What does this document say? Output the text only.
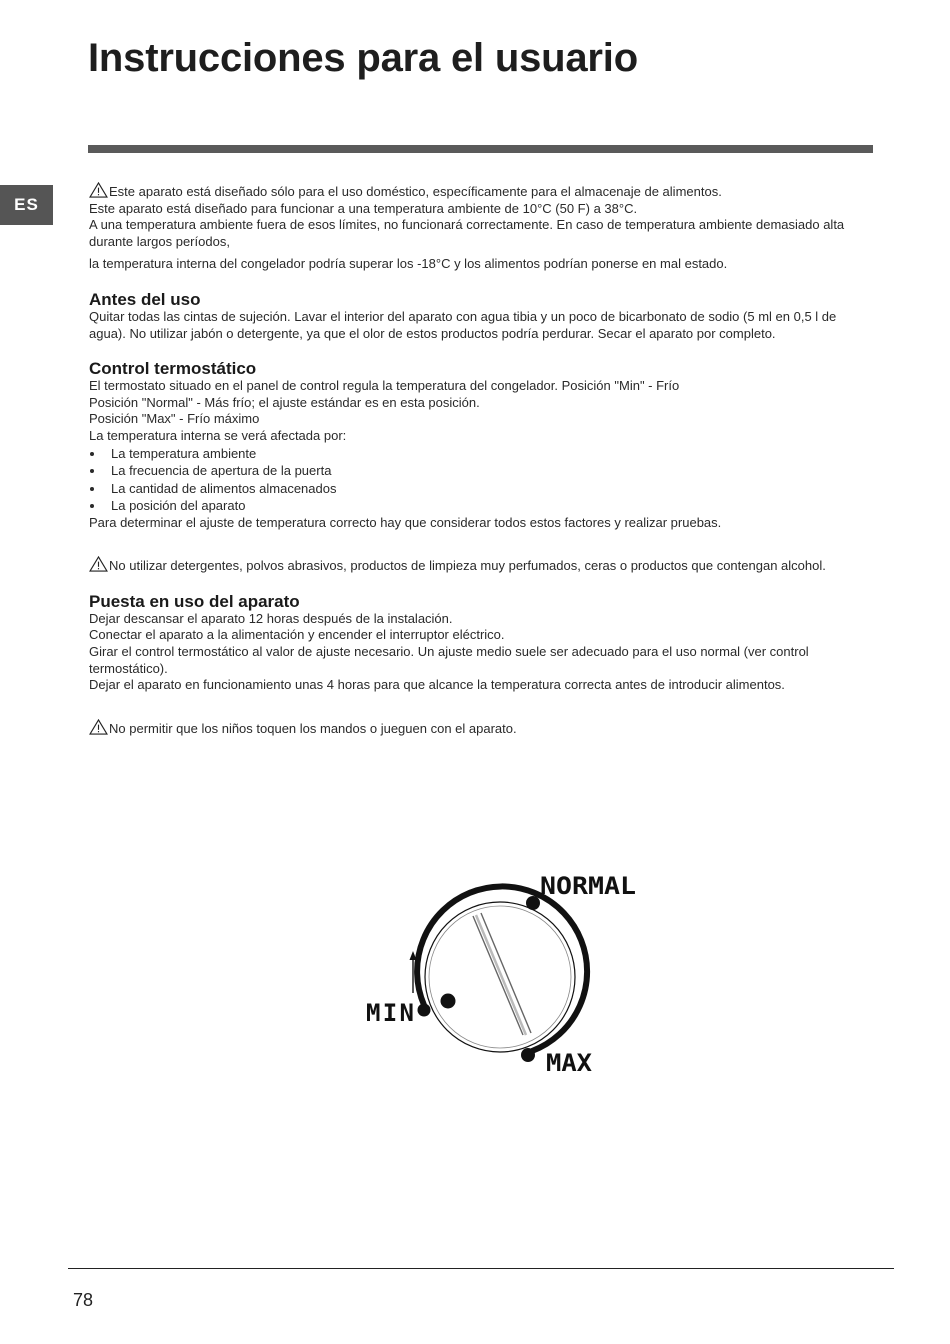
Instrucciones para el usuario
ES

Este aparato está diseñado sólo para el uso doméstico, específicamente para el almacenaje de alimentos.

Este aparato está diseñado para funcionar a una temperatura ambiente de 10°C (50 F) a 38°C.

A una temperatura ambiente fuera de esos límites, no funcionará correctamente. En caso de temperatura ambiente demasiado alta durante largos períodos,

la temperatura interna del congelador podría superar los -18°C y los alimentos podrían ponerse en mal estado.

Antes del uso

Quitar todas las cintas de sujeción. Lavar el interior del aparato con agua tibia y un poco de bicarbonato de sodio (5 ml en 0,5 l de agua). No utilizar jabón o detergente, ya que el olor de estos productos podría perdurar. Secar el aparato por completo.

Control termostático

El termostato situado en el panel de control regula la temperatura del congelador. Posición "Min" - Frío

Posición "Normal" - Más frío; el ajuste estándar es en esta posición.

Posición "Max" - Frío máximo

La temperatura interna se verá afectada por:

La temperatura ambiente
La frecuencia de apertura de la puerta
La cantidad de alimentos almacenados
La posición del aparato

Para determinar el ajuste de temperatura correcto hay que considerar todos estos factores y realizar pruebas.

No utilizar detergentes, polvos abrasivos, productos de limpieza muy perfumados, ceras o productos que contengan alcohol.

Puesta en uso del aparato

Dejar descansar el aparato 12 horas después de la instalación.

Conectar el aparato a la alimentación y encender el interruptor eléctrico.

Girar el control termostático al valor de ajuste necesario. Un ajuste medio suele ser adecuado para el uso normal (ver control termostático).

Dejar el aparato en funcionamiento unas 4 horas para que alcance la temperatura correcta antes de introducir alimentos.

No permitir que los niños toquen los mandos o jueguen con el aparato.

NORMAL
MIN
MAX
78
